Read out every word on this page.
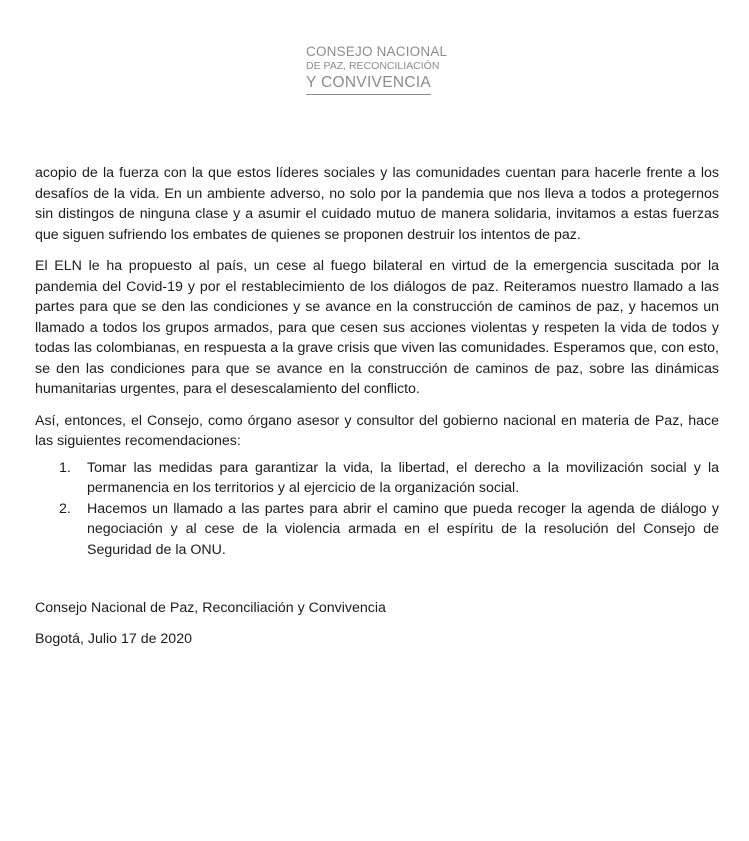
CONSEJO NACIONAL
DE PAZ, RECONCILIACIÓN
Y CONVIVENCIA

acopio de la fuerza con la que estos líderes sociales y las comunidades cuentan para hacerle frente a los desafíos de la vida. En un ambiente adverso, no solo por la pandemia que nos lleva a todos a protegernos sin distingos de ninguna clase y a asumir el cuidado mutuo de manera solidaria, invitamos a estas fuerzas que siguen sufriendo los embates de quienes se proponen destruir los intentos de paz.

El ELN le ha propuesto al país, un cese al fuego bilateral en virtud de la emergencia suscitada por la pandemia del Covid-19 y por el restablecimiento de los diálogos de paz. Reiteramos nuestro llamado a las partes para que se den las condiciones y se avance en la construcción de caminos de paz, y hacemos un llamado a todos los grupos armados, para que cesen sus acciones violentas y respeten la vida de todos y todas las colombianas, en respuesta a la grave crisis que viven las comunidades. Esperamos que, con esto, se den las condiciones para que se avance en la construcción de caminos de paz, sobre las dinámicas humanitarias urgentes, para el desescalamiento del conflicto.

Así, entonces, el Consejo, como órgano asesor y consultor del gobierno nacional en materia de Paz, hace las siguientes recomendaciones:

1.	Tomar las medidas para garantizar la vida, la libertad, el derecho a la movilización social y la permanencia en los territorios y al ejercicio de la organización social.
2.	Hacemos un llamado a las partes para abrir el camino que pueda recoger la agenda de diálogo y negociación y al cese de la violencia armada en el espíritu de la resolución del Consejo de Seguridad de la ONU.
Consejo Nacional de Paz, Reconciliación y Convivencia
Bogotá, Julio 17 de 2020
